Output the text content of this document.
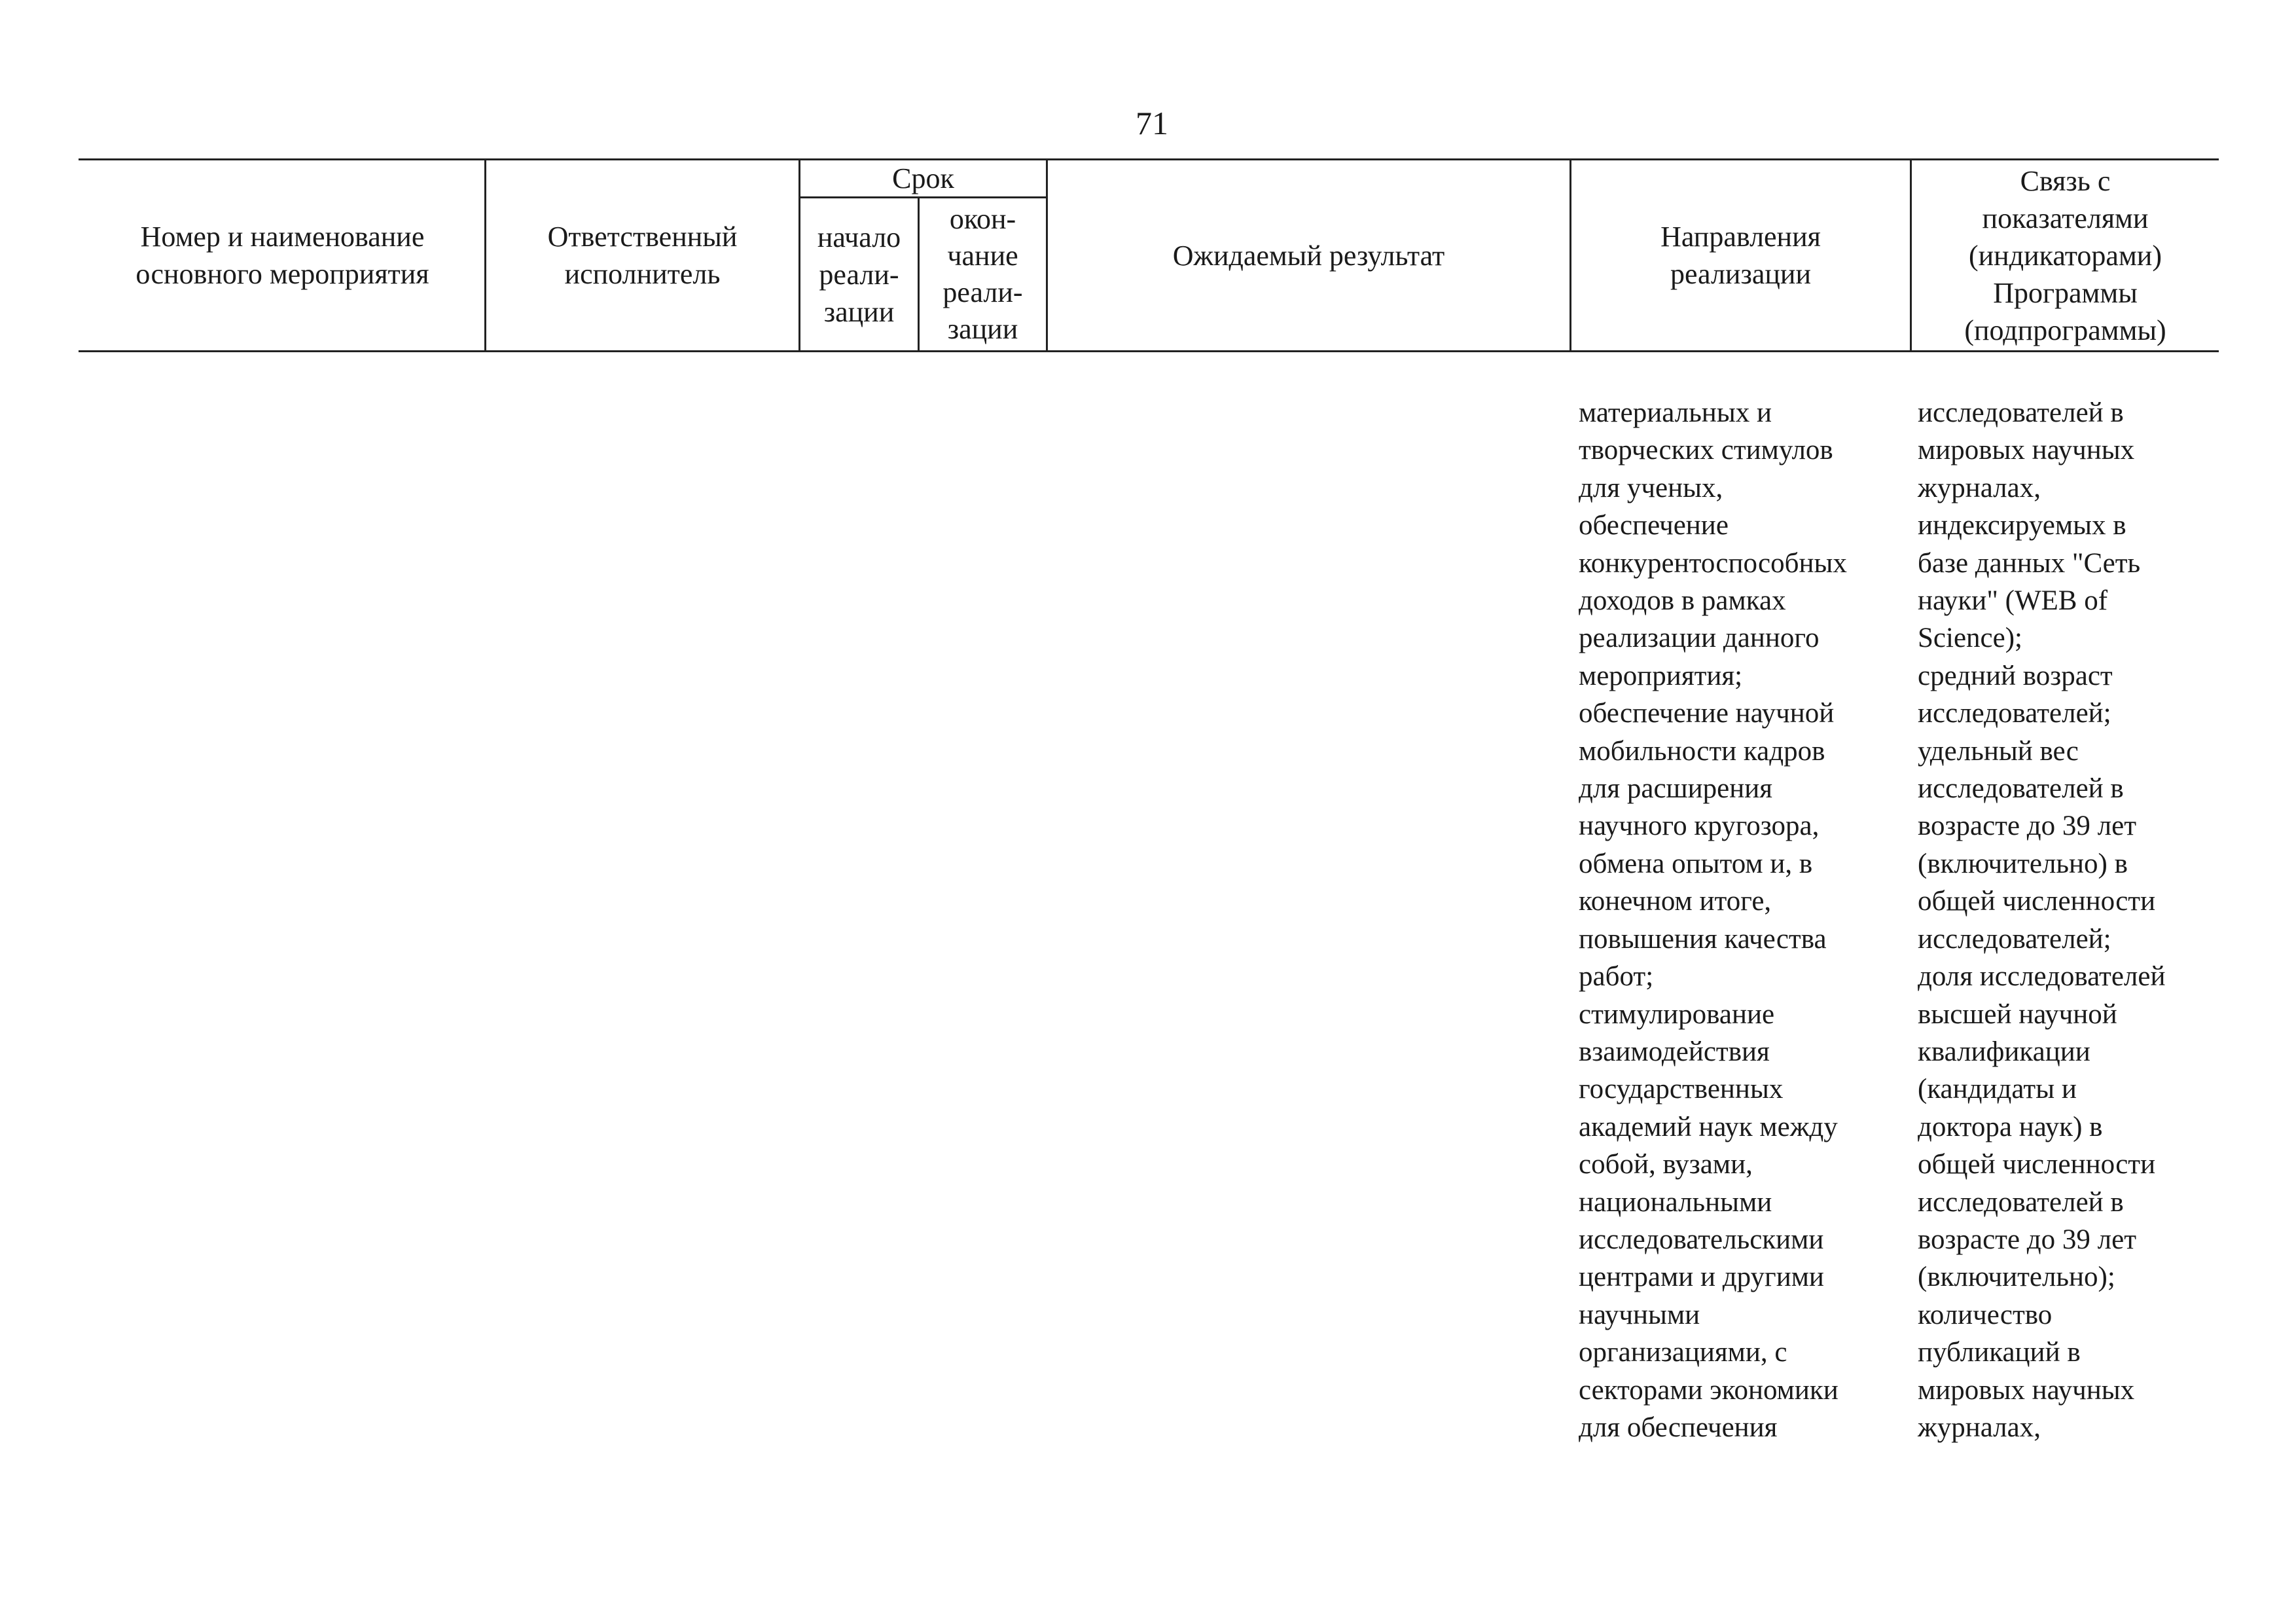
71
Номер и наименование
основного мероприятия
Ответственный
исполнитель
Срок
начало
реали-
зации
окон-
чание
реали-
зации
Ожидаемый результат
Направления
реализации
Связь с
показателями
(индикаторами)
Программы
(подпрограммы)
материальных и
творческих стимулов
для ученых,
обеспечение
конкурентоспособных
доходов в рамках
реализации данного
мероприятия;
обеспечение научной
мобильности кадров
для расширения
научного кругозора,
обмена опытом и, в
конечном итоге,
повышения качества
работ;
стимулирование
взаимодействия
государственных
академий наук между
собой, вузами,
национальными
исследовательскими
центрами и другими
научными
организациями, с
секторами экономики
для обеспечения
исследователей в
мировых научных
журналах,
индексируемых в
базе данных "Сеть
науки" (WEB of
Science);
средний возраст
исследователей;
удельный вес
исследователей в
возрасте до 39 лет
(включительно) в
общей численности
исследователей;
доля исследователей
высшей научной
квалификации
(кандидаты и
доктора наук) в
общей численности
исследователей в
возрасте до 39 лет
(включительно);
количество
публикаций в
мировых научных
журналах,
